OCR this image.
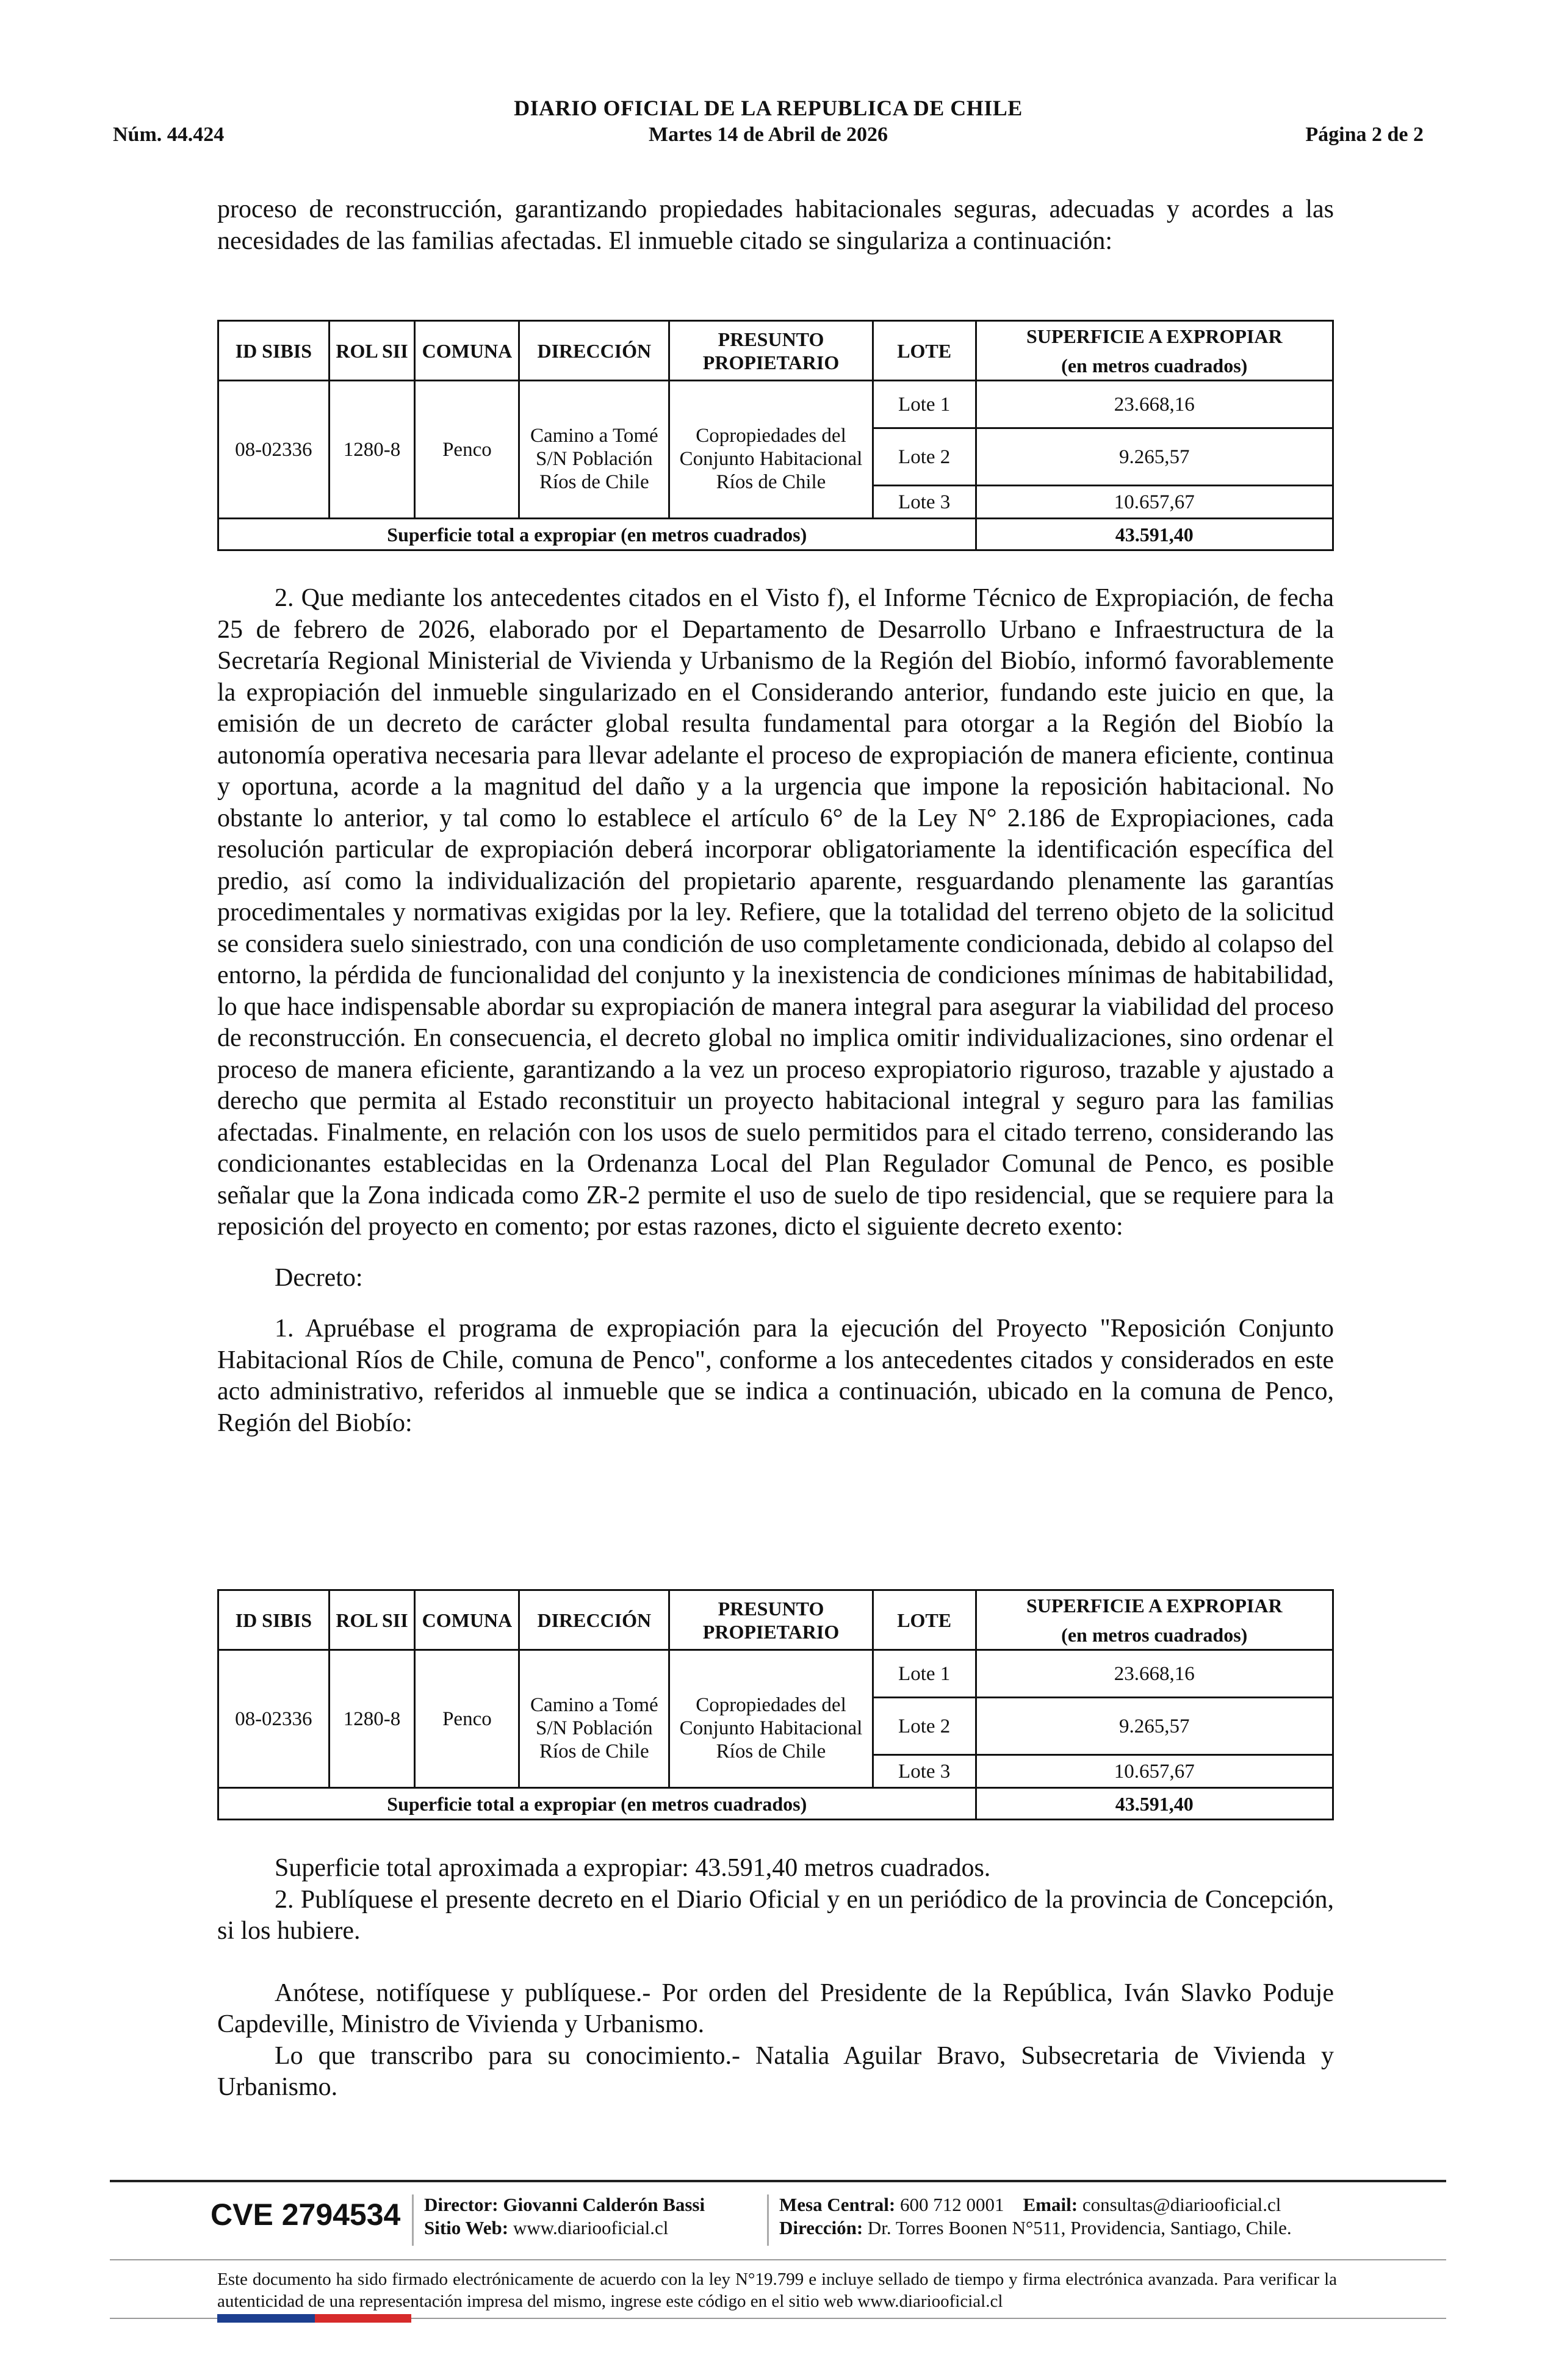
DIARIO OFICIAL DE LA REPUBLICA DE CHILE
Núm. 44.424	Martes 14 de Abril de 2026	Página 2 de 2

proceso de reconstrucción, garantizando propiedades habitacionales seguras, adecuadas y acordes a las necesidades de las familias afectadas. El inmueble citado se singulariza a continuación:

ID SIBIS	ROL SII	COMUNA	DIRECCIÓN	PRESUNTO PROPIETARIO	LOTE	SUPERFICIE A EXPROPIAR
(en metros cuadrados)

08-02336	1280-8	Penco	Camino a Tomé S/N Población Ríos de Chile	Copropiedades del Conjunto Habitacional Ríos de Chile	Lote 1	23.668,16
					Lote 2	9.265,57
					Lote 3	10.657,67
Superficie total a expropiar (en metros cuadrados)						43.591,40

2. Que mediante los antecedentes citados en el Visto f), el Informe Técnico de Expropiación, de fecha 25 de febrero de 2026, elaborado por el Departamento de Desarrollo Urbano e Infraestructura de la Secretaría Regional Ministerial de Vivienda y Urbanismo de la Región del Biobío, informó favorablemente la expropiación del inmueble singularizado en el Considerando anterior, fundando este juicio en que, la emisión de un decreto de carácter global resulta fundamental para otorgar a la Región del Biobío la autonomía operativa necesaria para llevar adelante el proceso de expropiación de manera eficiente, continua y oportuna, acorde a la magnitud del daño y a la urgencia que impone la reposición habitacional. No obstante lo anterior, y tal como lo establece el artículo 6° de la Ley N° 2.186 de Expropiaciones, cada resolución particular de expropiación deberá incorporar obligatoriamente la identificación específica del predio, así como la individualización del propietario aparente, resguardando plenamente las garantías procedimentales y normativas exigidas por la ley. Refiere, que la totalidad del terreno objeto de la solicitud se considera suelo siniestrado, con una condición de uso completamente condicionada, debido al colapso del entorno, la pérdida de funcionalidad del conjunto y la inexistencia de condiciones mínimas de habitabilidad, lo que hace indispensable abordar su expropiación de manera integral para asegurar la viabilidad del proceso de reconstrucción. En consecuencia, el decreto global no implica omitir individualizaciones, sino ordenar el proceso de manera eficiente, garantizando a la vez un proceso expropiatorio riguroso, trazable y ajustado a derecho que permita al Estado reconstituir un proyecto habitacional integral y seguro para las familias afectadas. Finalmente, en relación con los usos de suelo permitidos para el citado terreno, considerando las condicionantes establecidas en la Ordenanza Local del Plan Regulador Comunal de Penco, es posible señalar que la Zona indicada como ZR-2 permite el uso de suelo de tipo residencial, que se requiere para la reposición del proyecto en comento; por estas razones, dicto el siguiente decreto exento:

Decreto:

1. Apruébase el programa de expropiación para la ejecución del Proyecto "Reposición Conjunto Habitacional Ríos de Chile, comuna de Penco", conforme a los antecedentes citados y considerados en este acto administrativo, referidos al inmueble que se indica a continuación, ubicado en la comuna de Penco, Región del Biobío:

ID SIBIS	ROL SII	COMUNA	DIRECCIÓN	PRESUNTO PROPIETARIO	LOTE	SUPERFICIE A EXPROPIAR
(en metros cuadrados)

08-02336	1280-8	Penco	Camino a Tomé S/N Población Ríos de Chile	Copropiedades del Conjunto Habitacional Ríos de Chile	Lote 1	23.668,16
					Lote 2	9.265,57
					Lote 3	10.657,67
Superficie total a expropiar (en metros cuadrados)						43.591,40

Superficie total aproximada a expropiar: 43.591,40 metros cuadrados.

2. Publíquese el presente decreto en el Diario Oficial y en un periódico de la provincia de Concepción, si los hubiere.

Anótese, notifíquese y publíquese.- Por orden del Presidente de la República, Iván Slavko Poduje Capdeville, Ministro de Vivienda y Urbanismo.

Lo que transcribo para su conocimiento.- Natalia Aguilar Bravo, Subsecretaria de Vivienda y Urbanismo.

CVE 2794534 Director: Giovanni Calderón Bassi
Sitio Web: www.diariooficial.cl
Mesa Central: 600 712 0001 Email: consultas@diariooficial.cl
Dirección: Dr. Torres Boonen N°511, Providencia, Santiago, Chile.
Este documento ha sido firmado electrónicamente de acuerdo con la ley N°19.799 e incluye sellado de tiempo y firma electrónica avanzada. Para verificar la autenticidad de una representación impresa del mismo, ingrese este código en el sitio web www.diariooficial.cl
